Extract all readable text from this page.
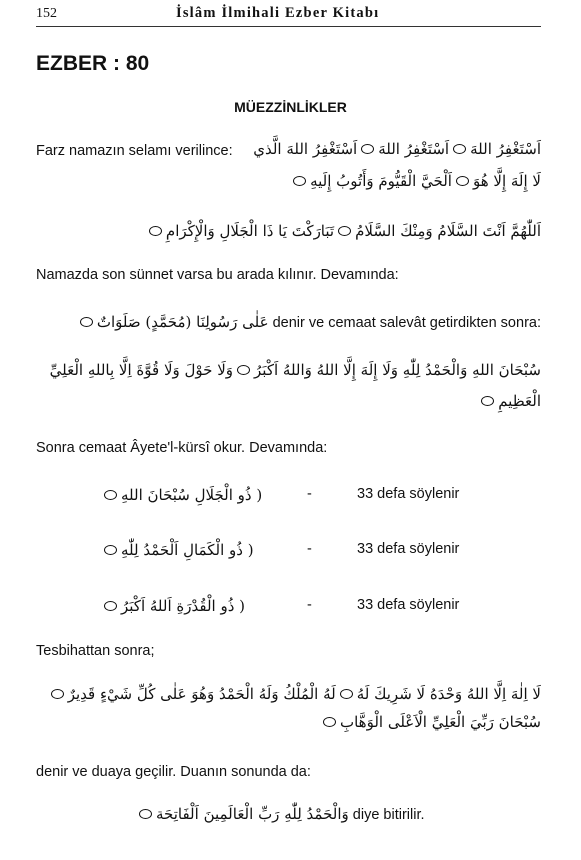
152	İslâm İlmihali Ezber Kitabı
EZBER : 80
MÜEZZİNLİKLER
Farz namazın selamı verilince:	اَسْتَغْفِرُ اللهَاَسْتَغْفِرُ اللهَاَسْتَغْفِرُ اللهَ الَّذي
لَا إِلَهَ إِلَّا هُوَاَلْحَيَّ الْقَيُّومَ وَأَتُوبُ إِلَيهِ
اَللّٰهُمَّ اَنْتَ السَّلَامُ وَمِنْكَ السَّلَامُتَبَارَكْتَ يَا ذَا الْجَلَالِ وَالْإِكْرَامِ
Namazda son sünnet varsa bu arada kılınır. Devamında:
عَلٰى رَسُولِنَا (مُحَمَّدٍ) صَلَوَاتٌ denir ve cemaat salevât getirdikten sonra:
سُبْحَانَ اللهِ وَالْحَمْدُ لِلّٰهِ وَلَا إِلَهَ إِلَّا اللهُ وَاللهُ اَكْبَرُوَلَا حَوْلَ وَلَا قُوَّةَ اِلَّا بِاللهِ الْعَلِيِّ
الْعَظِيمِ
Sonra cemaat Âyete'l-kürsî okur. Devamında:
( ذُو الْجَلَالِ سُبْحَانَ اللهِ	-	33 defa söylenir
( ذُو الْكَمَالِ اَلْحَمْدُ لِلّٰهِ	-	33 defa söylenir
( ذُو الْقُدْرَةِ اَللهُ اَكْبَرُ	-	33 defa söylenir
Tesbihattan sonra;
لَا اِلٰهَ اِلَّا اللهُ وَحْدَهُ لَا شَرِيكَ لَهُلَهُ الْمُلْكُ وَلَهُ الْحَمْدُ وَهُوَ عَلٰى كُلِّ شَيْءٍ قَدِيرٌ
سُبْحَانَ رَبِّيَ الْعَلِيِّ الْاَعْلَى الْوَهَّابِ
denir ve duaya geçilir. Duanın sonunda da:
وَالْحَمْدُ لِلّٰهِ رَبِّ الْعَالَمِينَ اَلْفَاتِحَة diye bitirilir.
